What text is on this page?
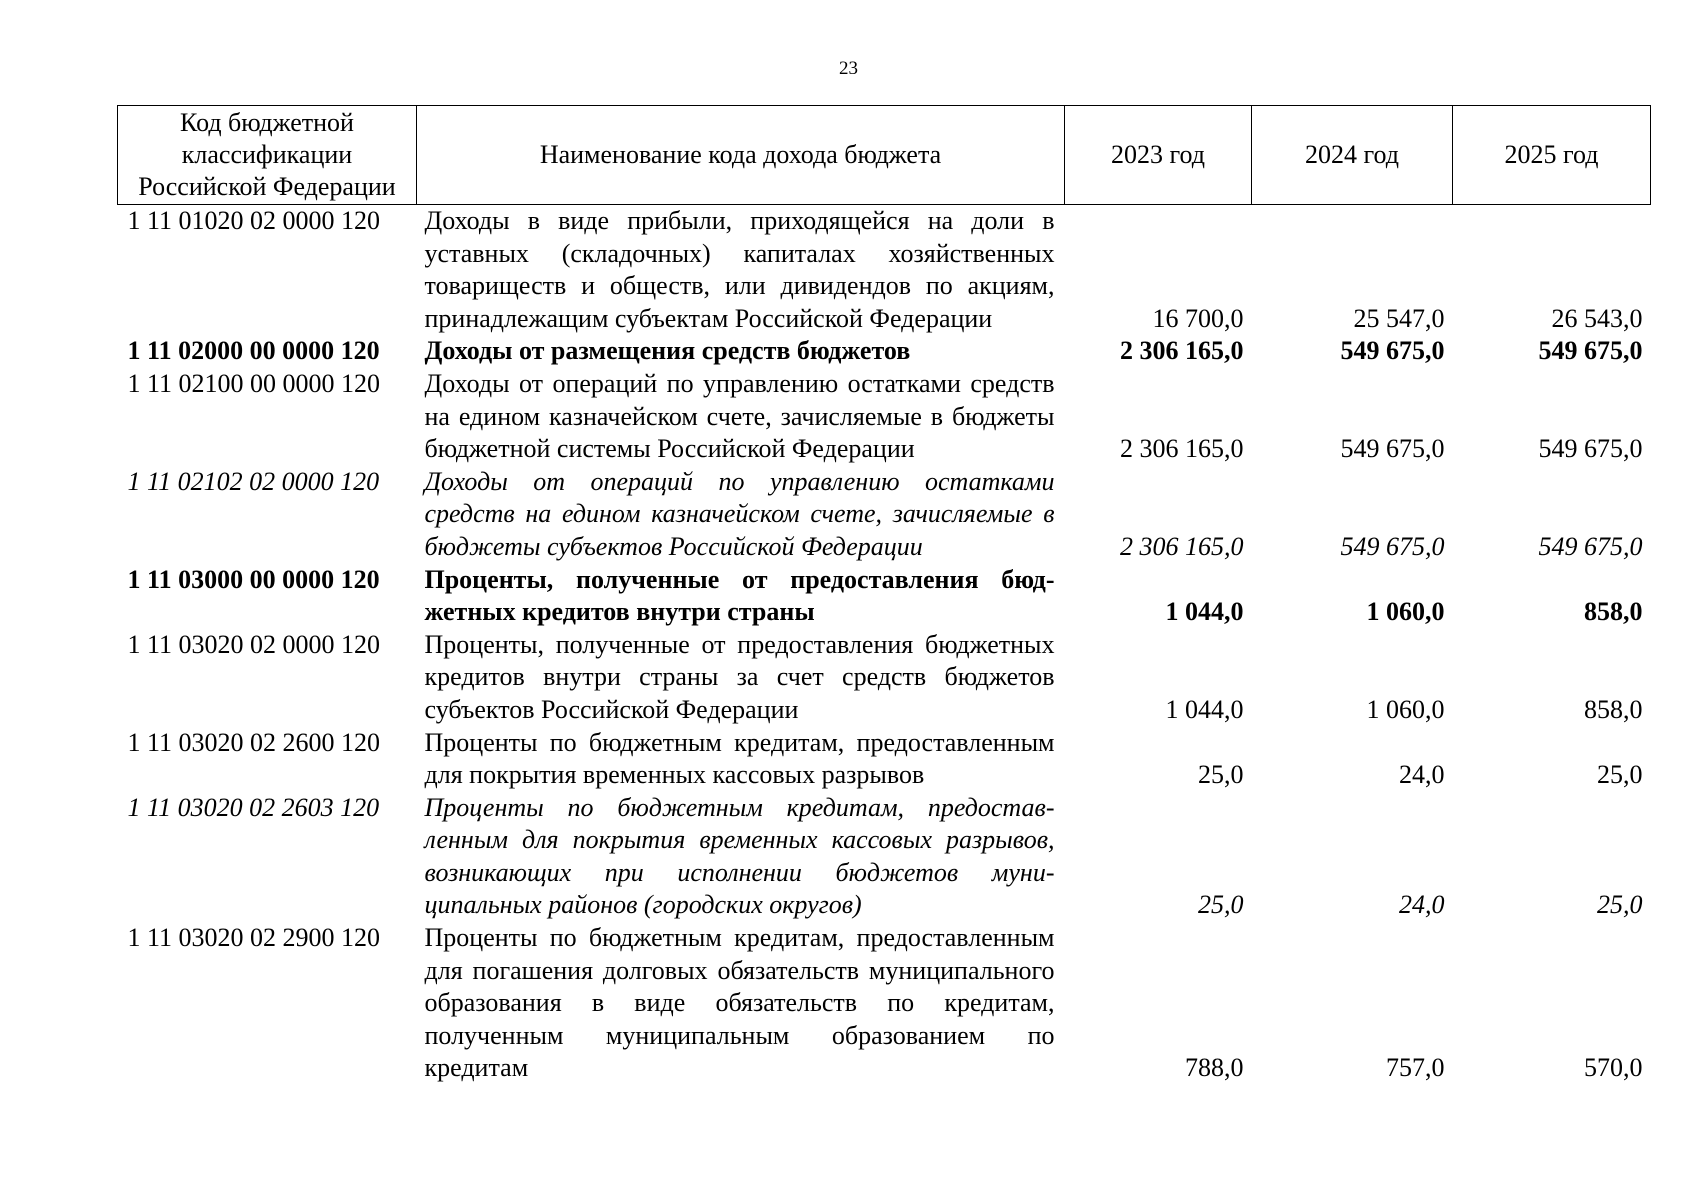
23
Код бюджетной классификации Российской Федерации	Наименование кода дохода бюджета	2023 год	2024 год	2025 год
1 11 01020 02 0000 120	Доходы в виде прибыли, приходящейся на доли в уставных (складочных) капиталах хозяйственных товариществ и обществ, или дивидендов по акциям, принадлежащим субъектам Российской Федерации	16 700,0	25 547,0	26 543,0
1 11 02000 00 0000 120	Доходы от размещения средств бюджетов	2 306 165,0	549 675,0	549 675,0
1 11 02100 00 0000 120	Доходы от операций по управлению остатками средств на едином казначейском счете, зачисляемые в бюджеты бюджетной системы Российской Федерации	2 306 165,0	549 675,0	549 675,0
1 11 02102 02 0000 120	Доходы от операций по управлению остатками средств на едином казначейском счете, зачисляемые в бюджеты субъектов Российской Федерации	2 306 165,0	549 675,0	549 675,0
1 11 03000 00 0000 120	Проценты, полученные от предоставления бюджетных кредитов внутри страны	1 044,0	1 060,0	858,0
1 11 03020 02 0000 120	Проценты, полученные от предоставления бюджетных кредитов внутри страны за счет средств бюджетов субъектов Российской Федерации	1 044,0	1 060,0	858,0
1 11 03020 02 2600 120	Проценты по бюджетным кредитам, предоставленным для покрытия временных кассовых разрывов	25,0	24,0	25,0
1 11 03020 02 2603 120	Проценты по бюджетным кредитам, предоставленным для покрытия временных кассовых разрывов, возникающих при исполнении бюджетов муниципальных районов (городских округов)	25,0	24,0	25,0
1 11 03020 02 2900 120	Проценты по бюджетным кредитам, предоставленным для погашения долговых обязательств муниципального образования в виде обязательств по кредитам, полученным муниципальным образованием по кредитам	788,0	757,0	570,0
